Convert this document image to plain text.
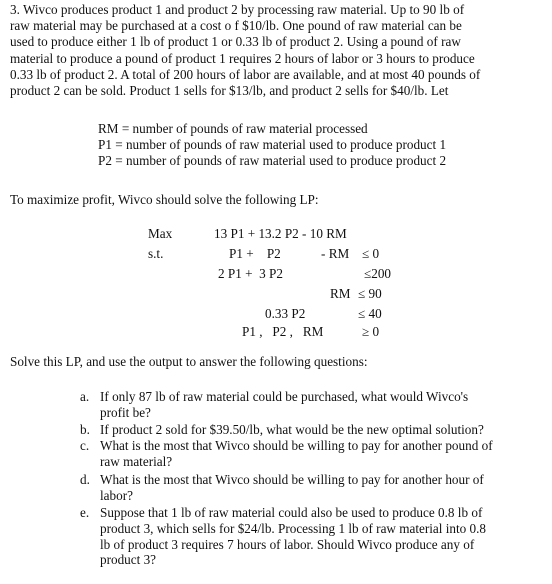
3. Wivco produces product 1 and product 2 by processing raw material. Up to 90 lb of
raw material may be purchased at a cost o f $10/lb. One pound of raw material can be
used to produce either 1 lb of product 1 or 0.33 lb of product 2. Using a pound of raw
material to produce a pound of product 1 requires 2 hours of labor or 3 hours to produce
0.33 lb of product 2. A total of 200 hours of labor are available, and at most 40 pounds of
product 2 can be sold. Product 1 sells for $13/lb, and product 2 sells for $40/lb. Let
RM = number of pounds of raw material processed
P1 = number of pounds of raw material used to produce product 1
P2 = number of pounds of raw material used to produce product 2
To maximize profit, Wivco should solve the following LP:
Max	13 P1 + 13.2 P2 - 10 RM
s.t.	P1 +    P2	- RM ≤ 0
2 P1 +  3 P2	≤200
RM ≤ 90
0.33 P2	≤ 40
P1 ,   P2 ,   RM	≥ 0
Solve this LP, and use the output to answer the following questions:
a. If only 87 lb of raw material could be purchased, what would Wivco's
profit be?
b. If product 2 sold for $39.50/lb, what would be the new optimal solution?
c. What is the most that Wivco should be willing to pay for another pound of
raw material?
d. What is the most that Wivco should be willing to pay for another hour of
labor?
e. Suppose that 1 lb of raw material could also be used to produce 0.8 lb of
product 3, which sells for $24/lb. Processing 1 lb of raw material into 0.8
lb of product 3 requires 7 hours of labor. Should Wivco produce any of
product 3?
